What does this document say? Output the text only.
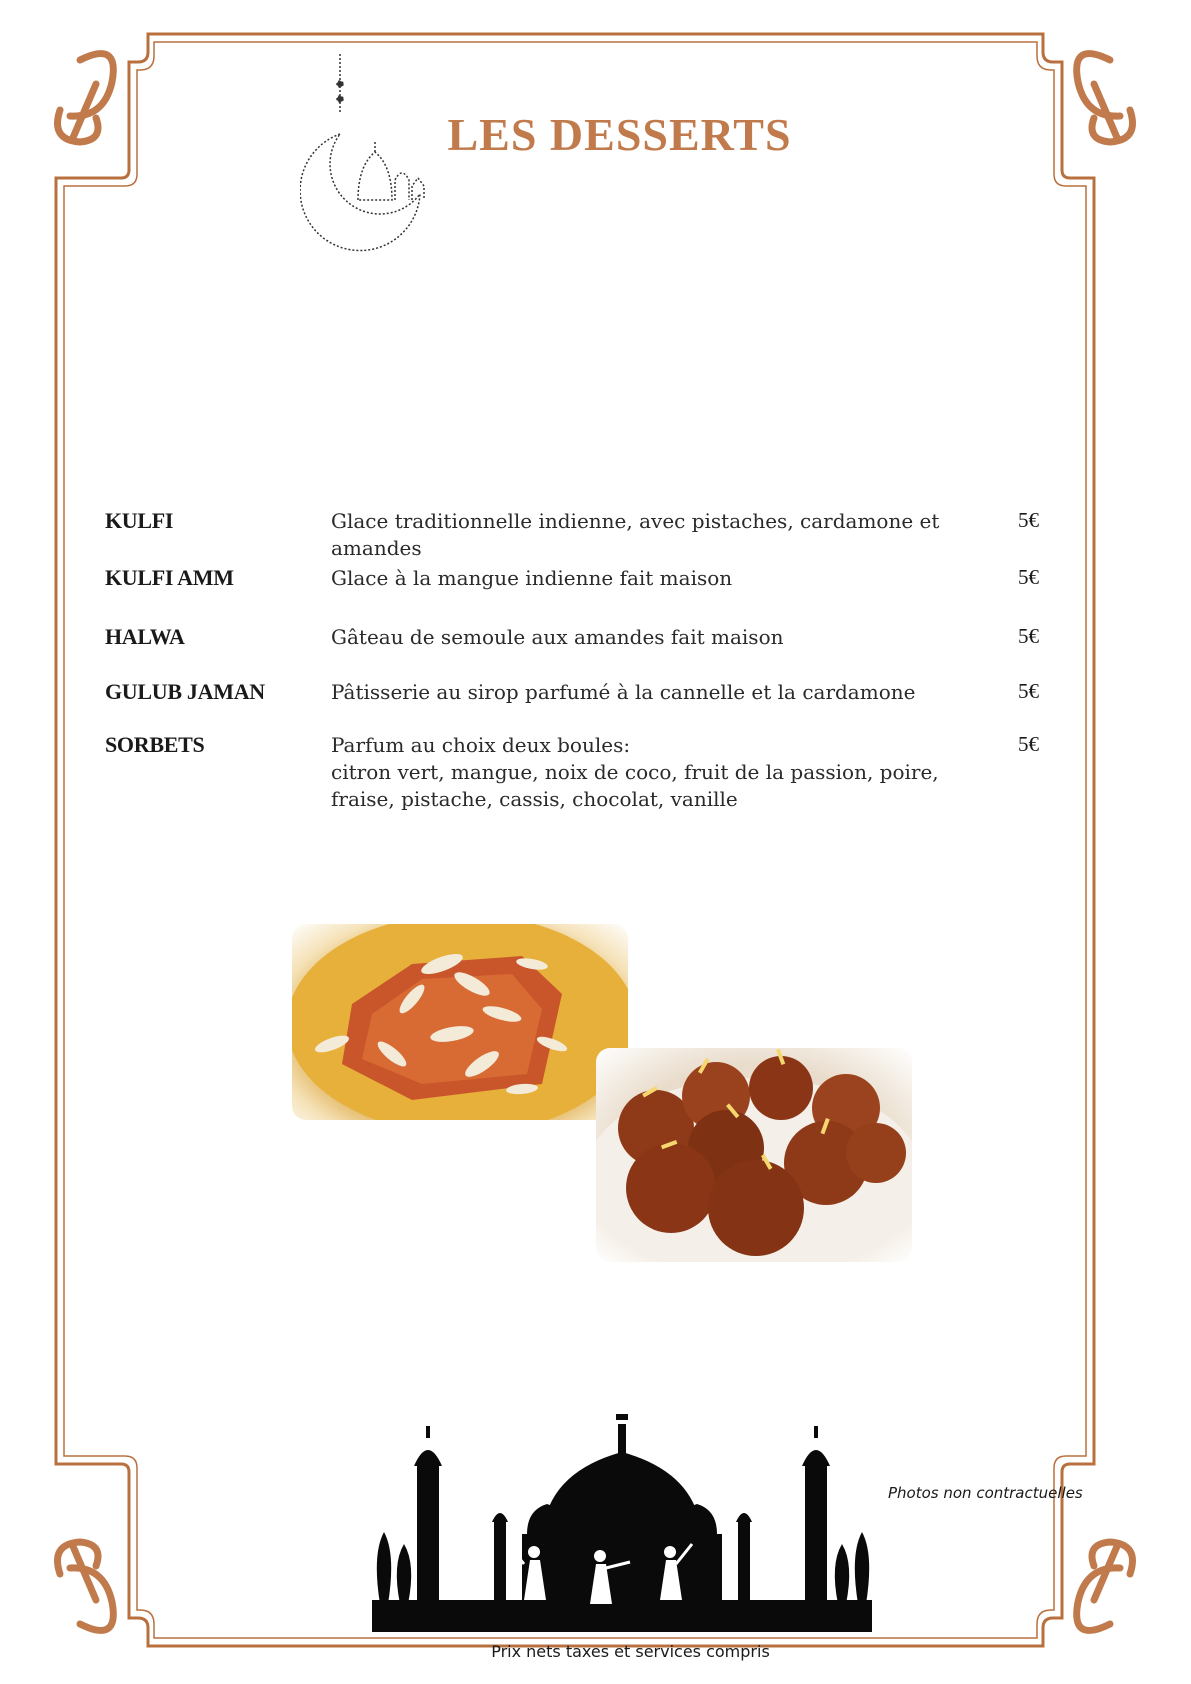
LES DESSERTS
KULFI	Glace traditionnelle indienne, avec pistaches, cardamone et amandes
5€
KULFI AMM	Glace à la mangue indienne fait maison	5€
HALWA	Gâteau de semoule aux amandes fait maison	5€
GULUB JAMAN	Pâtisserie au sirop parfumé à la cannelle et la cardamone	5€
SORBETS	Parfum au choix deux boules:
citron vert, mangue, noix de coco, fruit de la passion, poire,
fraise, pistache, cassis, chocolat, vanille
5€
Photos non contractuelles
Prix nets taxes et services compris
